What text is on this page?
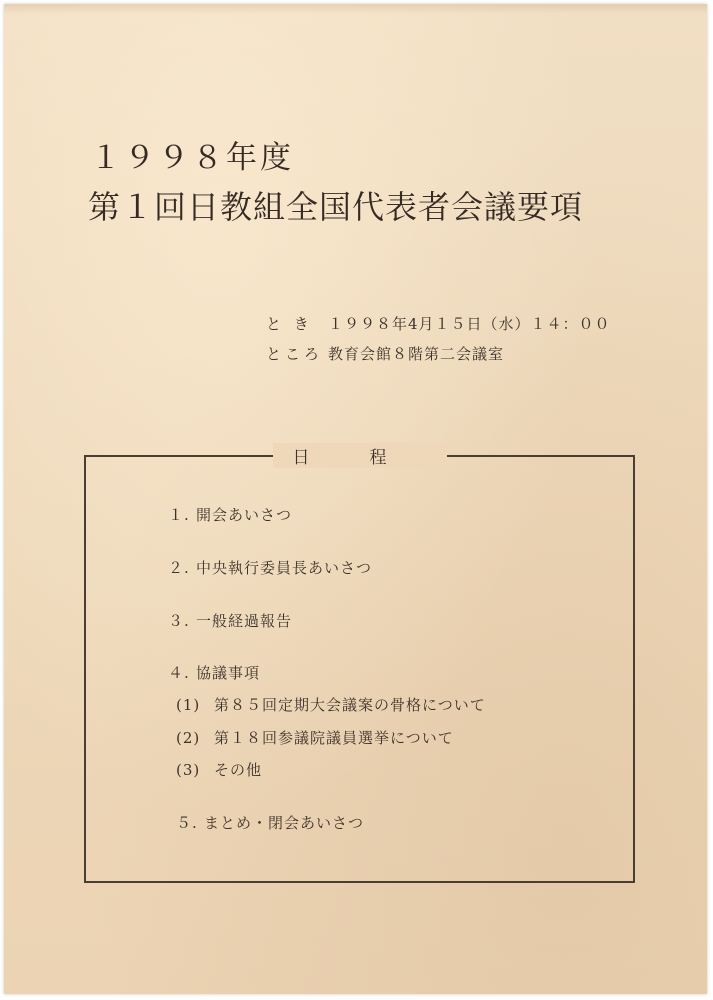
１９９８年度
第１回日教組全国代表者会議要項
と き １９９８年4月１５日（水）１４：００
ところ 教育会館８階第二会議室
日程
１. 開会あいさつ
２. 中央執行委員長あいさつ
３. 一般経過報告
４. 協議事項
(1) 第８５回定期大会議案の骨格について
(2) 第１８回参議院議員選挙について
(3) その他
５. まとめ・閉会あいさつ
